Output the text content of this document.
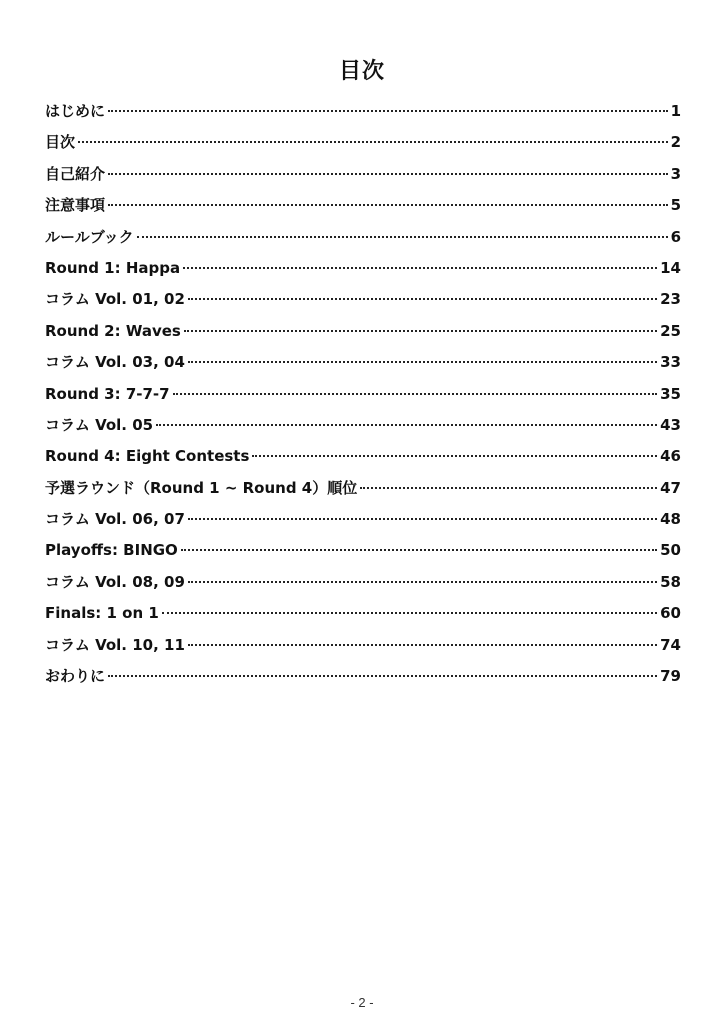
目次
はじめに	1
目次	2
自己紹介	3
注意事項	5
ルールブック	6
Round 1: Happa	14
コラム Vol. 01, 02	23
Round 2: Waves	25
コラム Vol. 03, 04	33
Round 3: 7-7-7	35
コラム Vol. 05	43
Round 4: Eight Contests	46
予選ラウンド（Round 1 ~ Round 4）順位	47
コラム Vol. 06, 07	48
Playoffs: BINGO	50
コラム Vol. 08, 09	58
Finals: 1 on 1	60
コラム Vol. 10, 11	74
おわりに	79
- 2 -
